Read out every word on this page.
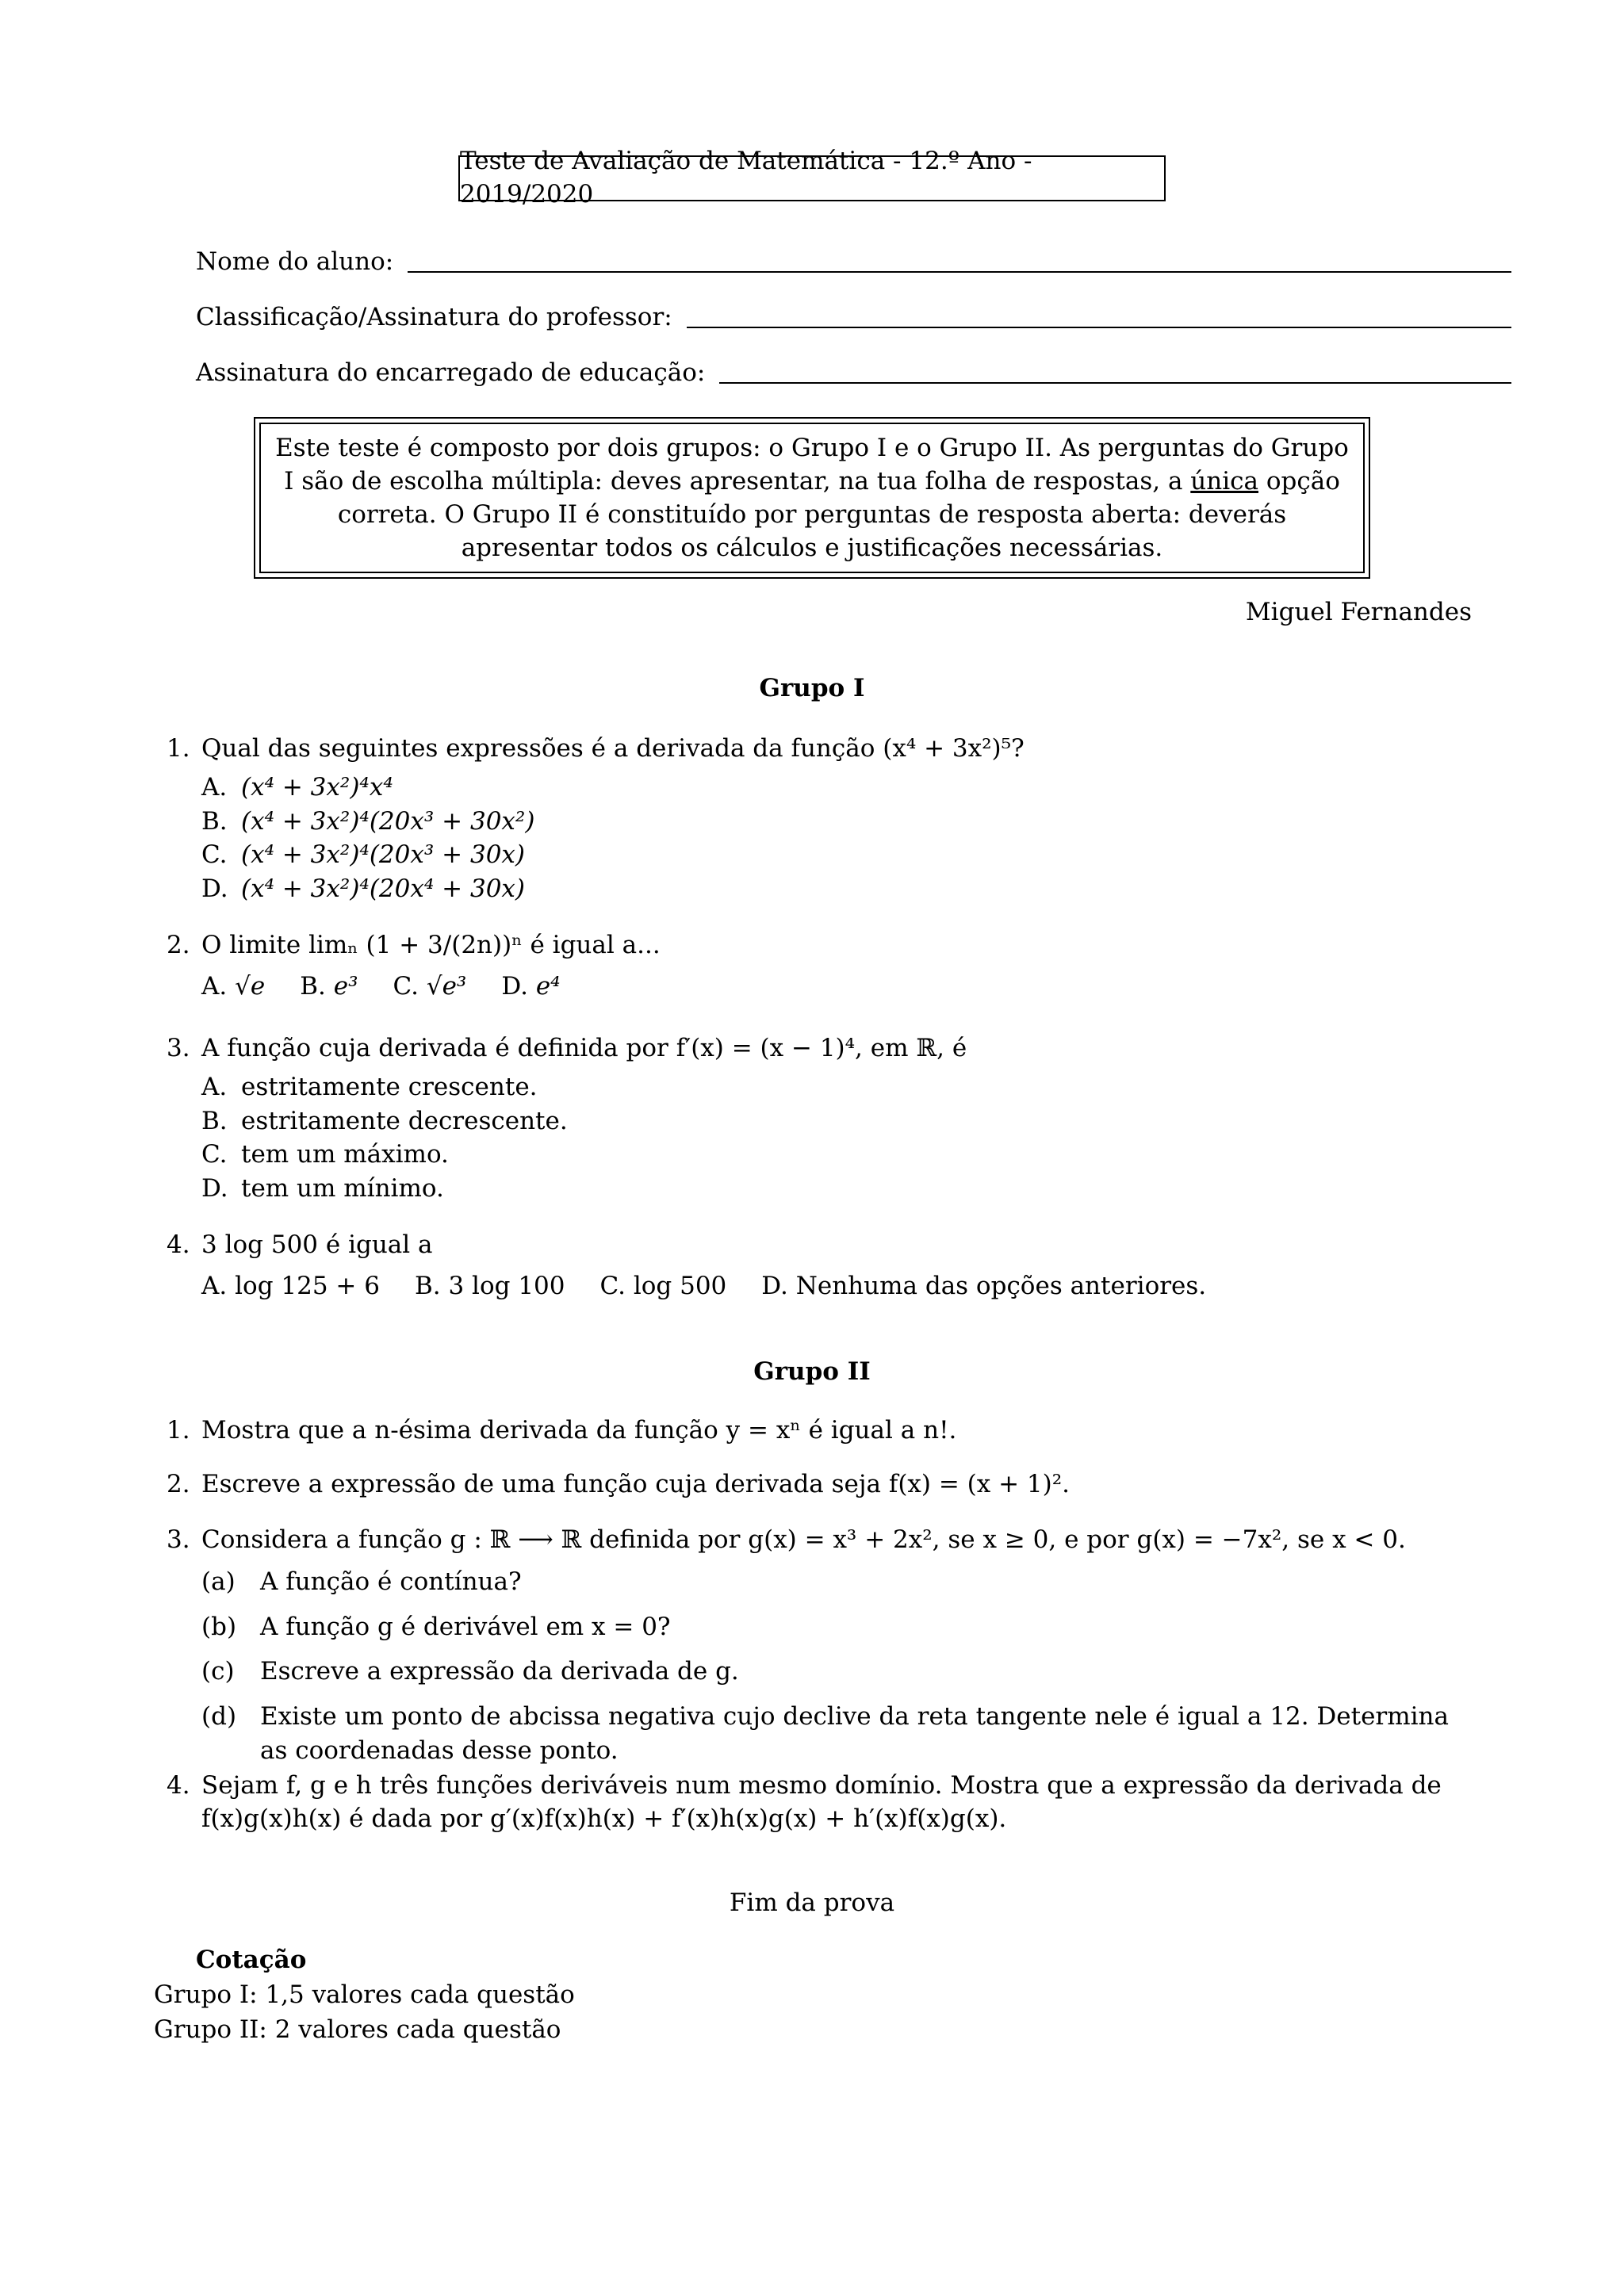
Teste de Avaliação de Matemática - 12.º Ano - 2019/2020
Nome do aluno:
Classificação/Assinatura do professor:
Assinatura do encarregado de educação:
Este teste é composto por dois grupos: o Grupo I e o Grupo II. As perguntas do Grupo I são de escolha múltipla: deves apresentar, na tua folha de respostas, a única opção correta. O Grupo II é constituído por perguntas de resposta aberta: deverás apresentar todos os cálculos e justificações necessárias.
Miguel Fernandes
Grupo I
1. Qual das seguintes expressões é a derivada da função (x⁴ + 3x²)⁵?
A. (x⁴ + 3x²)⁴x⁴
B. (x⁴ + 3x²)⁴(20x³ + 30x²)
C. (x⁴ + 3x²)⁴(20x³ + 30x)
D. (x⁴ + 3x²)⁴(20x⁴ + 30x)
2. O limite limₙ (1 + 3/(2n))ⁿ é igual a...
A. √e B. e³ C. √e³ D. e⁴
3. A função cuja derivada é definida por f′(x) = (x − 1)⁴, em ℝ, é
A. estritamente crescente.
B. estritamente decrescente.
C. tem um máximo.
D. tem um mínimo.
4. 3 log 500 é igual a
A. log 125 + 6 B. 3 log 100 C. log 500 D. Nenhuma das opções anteriores.
Grupo II
1. Mostra que a n-ésima derivada da função y = xⁿ é igual a n!.
2. Escreve a expressão de uma função cuja derivada seja f(x) = (x + 1)².
3. Considera a função g : ℝ ⟶ ℝ definida por g(x) = x³ + 2x², se x ≥ 0, e por g(x) = −7x², se x < 0.
(a) A função é contínua?
(b) A função g é derivável em x = 0?
(c) Escreve a expressão da derivada de g.
(d) Existe um ponto de abcissa negativa cujo declive da reta tangente nele é igual a 12. Determina as coordenadas desse ponto.
4. Sejam f, g e h três funções deriváveis num mesmo domínio. Mostra que a expressão da derivada de f(x)g(x)h(x) é dada por g′(x)f(x)h(x) + f′(x)h(x)g(x) + h′(x)f(x)g(x).
Fim da prova
Cotação
Grupo I: 1,5 valores cada questão
Grupo II: 2 valores cada questão
